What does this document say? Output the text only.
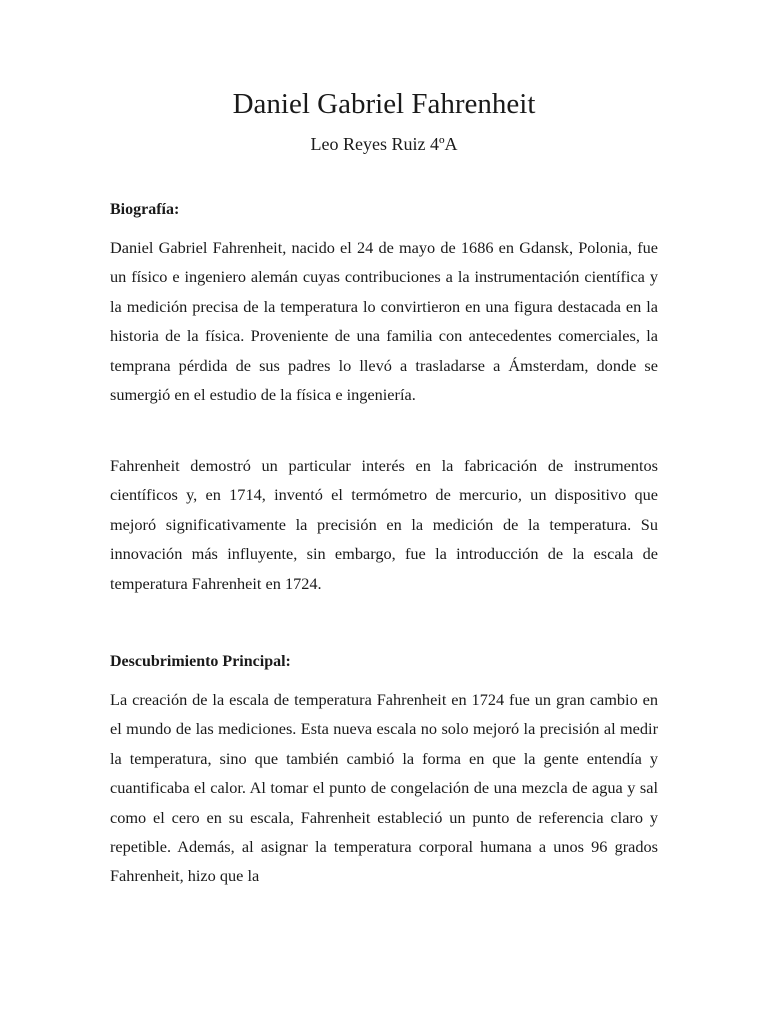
Daniel Gabriel Fahrenheit

Leo Reyes Ruiz 4ºA

Biografía:

Daniel Gabriel Fahrenheit, nacido el 24 de mayo de 1686 en Gdansk, Polonia, fue un físico e ingeniero alemán cuyas contribuciones a la instrumentación científica y la medición precisa de la temperatura lo convirtieron en una figura destacada en la historia de la física. Proveniente de una familia con antecedentes comerciales, la temprana pérdida de sus padres lo llevó a trasladarse a Ámsterdam, donde se sumergió en el estudio de la física e ingeniería.

Fahrenheit demostró un particular interés en la fabricación de instrumentos científicos y, en 1714, inventó el termómetro de mercurio, un dispositivo que mejoró significativamente la precisión en la medición de la temperatura. Su innovación más influyente, sin embargo, fue la introducción de la escala de temperatura Fahrenheit en 1724.

Descubrimiento Principal:

La creación de la escala de temperatura Fahrenheit en 1724 fue un gran cambio en el mundo de las mediciones. Esta nueva escala no solo mejoró la precisión al medir la temperatura, sino que también cambió la forma en que la gente entendía y cuantificaba el calor. Al tomar el punto de congelación de una mezcla de agua y sal como el cero en su escala, Fahrenheit estableció un punto de referencia claro y repetible. Además, al asignar la temperatura corporal humana a unos 96 grados Fahrenheit, hizo que la
